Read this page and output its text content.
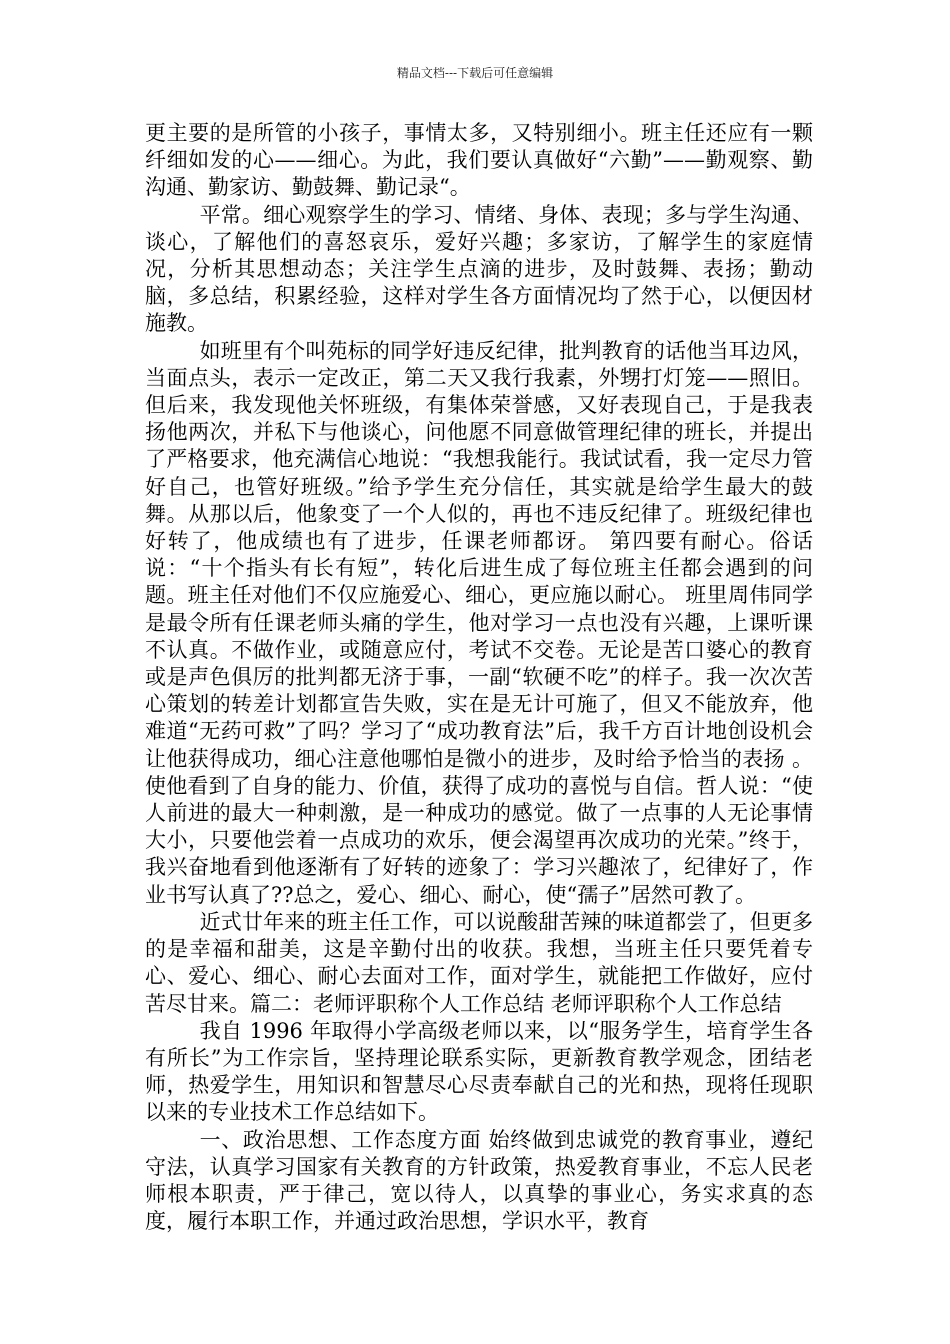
精品文档---下载后可任意编辑

更主要的是所管的小孩子，事情太多，又特别细小。班主任还应有一颗纤细如发的心——细心。为此，我们要认真做好“六勤”——勤观察、勤沟通、勤家访、勤鼓舞、勤记录“。

平常。细心观察学生的学习、情绪、身体、表现；多与学生沟通、谈心，了解他们的喜怒哀乐，爱好兴趣；多家访，了解学生的家庭情况，分析其思想动态；关注学生点滴的进步，及时鼓舞、表扬；勤动脑，多总结，积累经验，这样对学生各方面情况均了然于心，以便因材施教。

如班里有个叫苑标的同学好违反纪律，批判教育的话他当耳边风，当面点头，表示一定改正，第二天又我行我素，外甥打灯笼——照旧。但后来，我发现他关怀班级，有集体荣誉感，又好表现自己，于是我表扬他两次，并私下与他谈心，问他愿不同意做管理纪律的班长，并提出了严格要求，他充满信心地说：“我想我能行。我试试看，我一定尽力管好自己，也管好班级。”给予学生充分信任，其实就是给学生最大的鼓舞。从那以后，他象变了一个人似的，再也不违反纪律了。班级纪律也好转了，他成绩也有了进步，任课老师都讶。 第四要有耐心。俗话说：“十个指头有长有短”，转化后进生成了每位班主任都会遇到的问题。班主任对他们不仅应施爱心、细心，更应施以耐心。 班里周伟同学是最令所有任课老师头痛的学生，他对学习一点也没有兴趣，上课听课不认真。不做作业，或随意应付，考试不交卷。无论是苦口婆心的教育或是声色俱厉的批判都无济于事，一副“软硬不吃”的样子。我一次次苦心策划的转差计划都宣告失败，实在是无计可施了，但又不能放弃，他难道“无药可救”了吗？学习了“成功教育法”后，我千方百计地创设机会让他获得成功，细心注意他哪怕是微小的进步，及时给予恰当的表扬 。使他看到了自身的能力、价值，获得了成功的喜悦与自信。哲人说：“使人前进的最大一种刺激，是一种成功的感觉。做了一点事的人无论事情大小，只要他尝着一点成功的欢乐，便会渴望再次成功的光荣。”终于，我兴奋地看到他逐渐有了好转的迹象了：学习兴趣浓了，纪律好了，作业书写认真了??总之，爱心、细心、耐心，使“孺子”居然可教了。

近式廿年来的班主任工作，可以说酸甜苦辣的味道都尝了，但更多的是幸福和甜美，这是辛勤付出的收获。我想，当班主任只要凭着专心、爱心、细心、耐心去面对工作，面对学生，就能把工作做好，应付苦尽甘来。篇二：老师评职称个人工作总结 老师评职称个人工作总结

我自 1996 年取得小学高级老师以来，以“服务学生，培育学生各有所长”为工作宗旨，坚持理论联系实际，更新教育教学观念，团结老师，热爱学生，用知识和智慧尽心尽责奉献自己的光和热，现将任现职以来的专业技术工作总结如下。

一、政治思想、工作态度方面 始终做到忠诚党的教育事业，遵纪守法，认真学习国家有关教育的方针政策，热爱教育事业，不忘人民老师根本职责，严于律己，宽以待人，以真挚的事业心，务实求真的态度，履行本职工作，并通过政治思想，学识水平，教育
